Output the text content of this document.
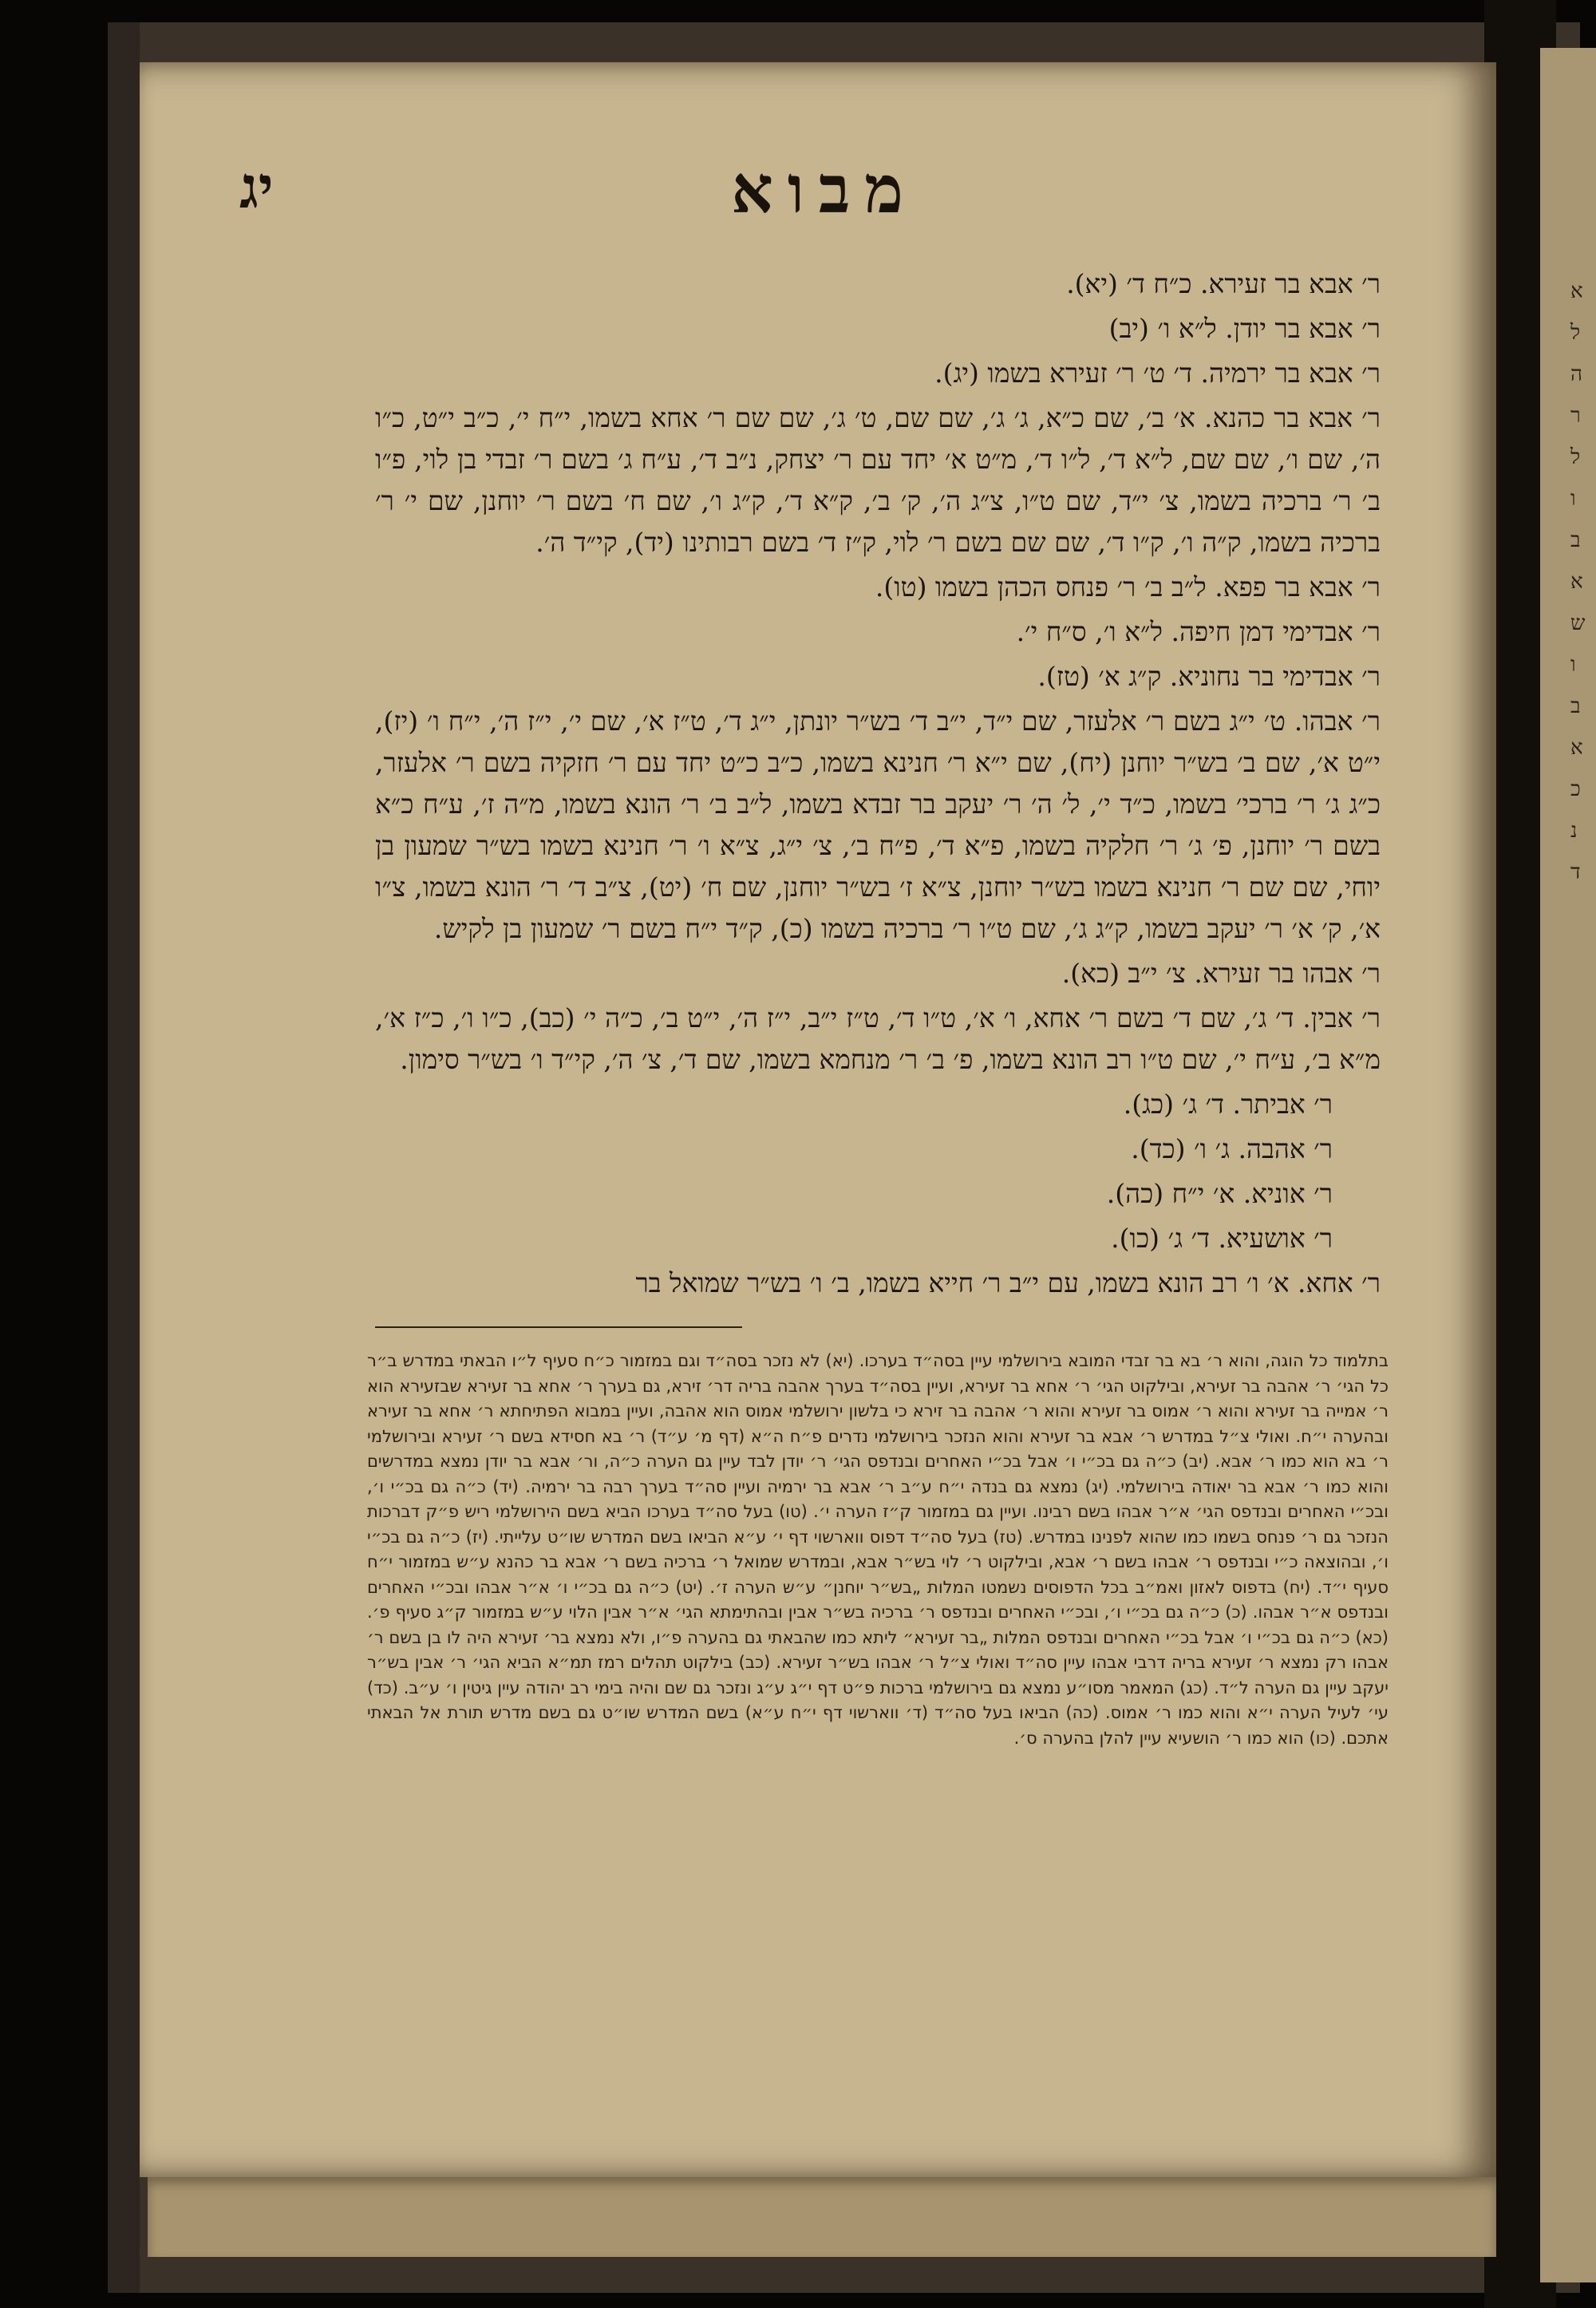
א
ל
ה
ר
ל
ו
ב
א
ש
ו
ב
א
כ
נ
ד
מבוא
יג

ר׳ אבא בר זעירא. כ״ח ד׳ (יא).

ר׳ אבא בר יודן. ל״א ו׳ (יב)

ר׳ אבא בר ירמיה. ד׳ ט׳ ר׳ זעירא בשמו (יג).

ר׳ אבא בר כהנא. א׳ ב׳, שם כ״א, ג׳ ג׳, שם שם, ט׳ ג׳, שם שם ר׳ אחא בשמו, י״ח י׳, כ״ב י״ט, כ״ו ה׳, שם ו׳, שם שם, ל״א ד׳, ל״ו ד׳, מ״ט א׳ יחד עם ר׳ יצחק, נ״ב ד׳, ע״ח ג׳ בשם ר׳ זבדי בן לוי, פ״ו ב׳ ר׳ ברכיה בשמו, צ׳ י״ד, שם ט״ו, צ״ג ה׳, ק׳ ב׳, ק״א ד׳, ק״ג ו׳, שם ח׳ בשם ר׳ יוחנן, שם י׳ ר׳ ברכיה בשמו, ק״ה ו׳, ק״ו ד׳, שם שם בשם ר׳ לוי, ק״ז ד׳ בשם רבותינו (יד), קי״ד ה׳.

ר׳ אבא בר פפא. ל״ב ב׳ ר׳ פנחס הכהן בשמו (טו).

ר׳ אבדימי דמן חיפה. ל״א ו׳, ס״ח י׳.

ר׳ אבדימי בר נחוניא. ק״ג א׳ (טז).

ר׳ אבהו. ט׳ י״ג בשם ר׳ אלעזר, שם י״ד, י״ב ד׳ בש״ר יונתן, י״ג ד׳, ט״ז א׳, שם י׳, י״ז ה׳, י״ח ו׳ (יז), י״ט א׳, שם ב׳ בש״ר יוחנן (יח), שם י״א ר׳ חנינא בשמו, כ״ב כ״ט יחד עם ר׳ חזקיה בשם ר׳ אלעזר, כ״ג ג׳ ר׳ ברכי׳ בשמו, כ״ד י׳, ל׳ ה׳ ר׳ יעקב בר זבדא בשמו, ל״ב ב׳ ר׳ הונא בשמו, מ״ה ז׳, ע״ח כ״א בשם ר׳ יוחנן, פ׳ ג׳ ר׳ חלקיה בשמו, פ״א ד׳, פ״ח ב׳, צ׳ י״ג, צ״א ו׳ ר׳ חנינא בשמו בש״ר שמעון בן יוחי, שם שם ר׳ חנינא בשמו בש״ר יוחנן, צ״א ז׳ בש״ר יוחנן, שם ח׳ (יט), צ״ב ד׳ ר׳ הונא בשמו, צ״ו א׳, ק׳ א׳ ר׳ יעקב בשמו, ק״ג ג׳, שם ט״ו ר׳ ברכיה בשמו (כ), ק״ד י״ח בשם ר׳ שמעון בן לקיש.

ר׳ אבהו בר זעירא. צ׳ י״ב (כא).

ר׳ אבין. ד׳ ג׳, שם ד׳ בשם ר׳ אחא, ו׳ א׳, ט״ו ד׳, ט״ז י״ב, י״ז ה׳, י״ט ב׳, כ״ה י׳ (כב), כ״ו ו׳, כ״ז א׳, מ״א ב׳, ע״ח י׳, שם ט״ו רב הונא בשמו, פ׳ ב׳ ר׳ מנחמא בשמו, שם ד׳, צ׳ ה׳, קי״ד ו׳ בש״ר סימון.

ר׳ אביתר. ד׳ ג׳ (כג).

ר׳ אהבה. ג׳ ו׳ (כד).

ר׳ אוניא. א׳ י״ח (כה).

ר׳ אושעיא. ד׳ ג׳ (כו).

ר׳ אחא. א׳ ו׳ רב הונא בשמו, עם י״ב ר׳ חייא בשמו, ב׳ ו׳ בש״ר שמואל בר

בתלמוד כל הוגה, והוא ר׳ בא בר זבדי המובא בירושלמי עיין בסה״ד בערכו. (יא) לא נזכר בסה״ד וגם במזמור כ״ח סעיף ל״ו הבאתי במדרש ב״ר כל הגי׳ ר׳ אהבה בר זעירא, ובילקוט הגי׳ ר׳ אחא בר זעירא, ועיין בסה״ד בערך אהבה בריה דר׳ זירא, גם בערך ר׳ אחא בר זעירא שבזעירא הוא ר׳ אמייה בר זעירא והוא ר׳ אמוס בר זעירא והוא ר׳ אהבה בר זירא כי בלשון ירושלמי אמוס הוא אהבה, ועיין במבוא הפתיחתא ר׳ אחא בר זעירא ובהערה י״ח. ואולי צ״ל במדרש ר׳ אבא בר זעירא והוא הנזכר בירושלמי נדרים פ״ח ה״א (דף מ׳ ע״ד) ר׳ בא חסידא בשם ר׳ זעירא ובירושלמי ר׳ בא הוא כמו ר׳ אבא. (יב) כ״ה גם בכ״י ו׳ אבל בכ״י האחרים ובנדפס הגי׳ ר׳ יודן לבד עיין גם הערה כ״ה, ור׳ אבא בר יודן נמצא במדרשים והוא כמו ר׳ אבא בר יאודה בירושלמי. (יג) נמצא גם בנדה י״ח ע״ב ר׳ אבא בר ירמיה ועיין סה״ד בערך רבה בר ירמיה. (יד) כ״ה גם בכ״י ו׳, ובכ״י האחרים ובנדפס הגי׳ א״ר אבהו בשם רבינו. ועיין גם במזמור ק״ז הערה י׳. (טו) בעל סה״ד בערכו הביא בשם הירושלמי ריש פ״ק דברכות הנזכר גם ר׳ פנחס בשמו כמו שהוא לפנינו במדרש. (טז) בעל סה״ד דפוס ווארשוי דף י׳ ע״א הביאו בשם המדרש שו״ט עלייתי. (יז) כ״ה גם בכ״י ו׳, ובהוצאה כ״י ובנדפס ר׳ אבהו בשם ר׳ אבא, ובילקוט ר׳ לוי בש״ר אבא, ובמדרש שמואל ר׳ ברכיה בשם ר׳ אבא בר כהנא ע״ש במזמור י״ח סעיף י״ד. (יח) בדפוס לאזון ואמ״ב בכל הדפוסים נשמטו המלות „בש״ר יוחנן״ ע״ש הערה ז׳. (יט) כ״ה גם בכ״י ו׳ א״ר אבהו ובכ״י האחרים ובנדפס א״ר אבהו. (כ) כ״ה גם בכ״י ו׳, ובכ״י האחרים ובנדפס ר׳ ברכיה בש״ר אבין ובהתימתא הגי׳ א״ר אבין הלוי ע״ש במזמור ק״ג סעיף פ׳. (כא) כ״ה גם בכ״י ו׳ אבל בכ״י האחרים ובנדפס המלות „בר זעירא״ ליתא כמו שהבאתי גם בהערה פ״ו, ולא נמצא בר׳ זעירא היה לו בן בשם ר׳ אבהו רק נמצא ר׳ זעירא בריה דרבי אבהו עיין סה״ד ואולי צ״ל ר׳ אבהו בש״ר זעירא. (כב) בילקוט תהלים רמז תמ״א הביא הגי׳ ר׳ אבין בש״ר יעקב עיין גם הערה ל״ד. (כג) המאמר מסו״ע נמצא גם בירושלמי ברכות פ״ט דף י״ג ע״ג ונזכר גם שם והיה בימי רב יהודה עיין גיטין ו׳ ע״ב. (כד) עי׳ לעיל הערה י״א והוא כמו ר׳ אמוס. (כה) הביאו בעל סה״ד (ד׳ ווארשוי דף י״ח ע״א) בשם המדרש שו״ט גם בשם מדרש תורת אל הבאתי אתכם. (כו) הוא כמו ר׳ הושעיא עיין להלן בהערה ס׳.
